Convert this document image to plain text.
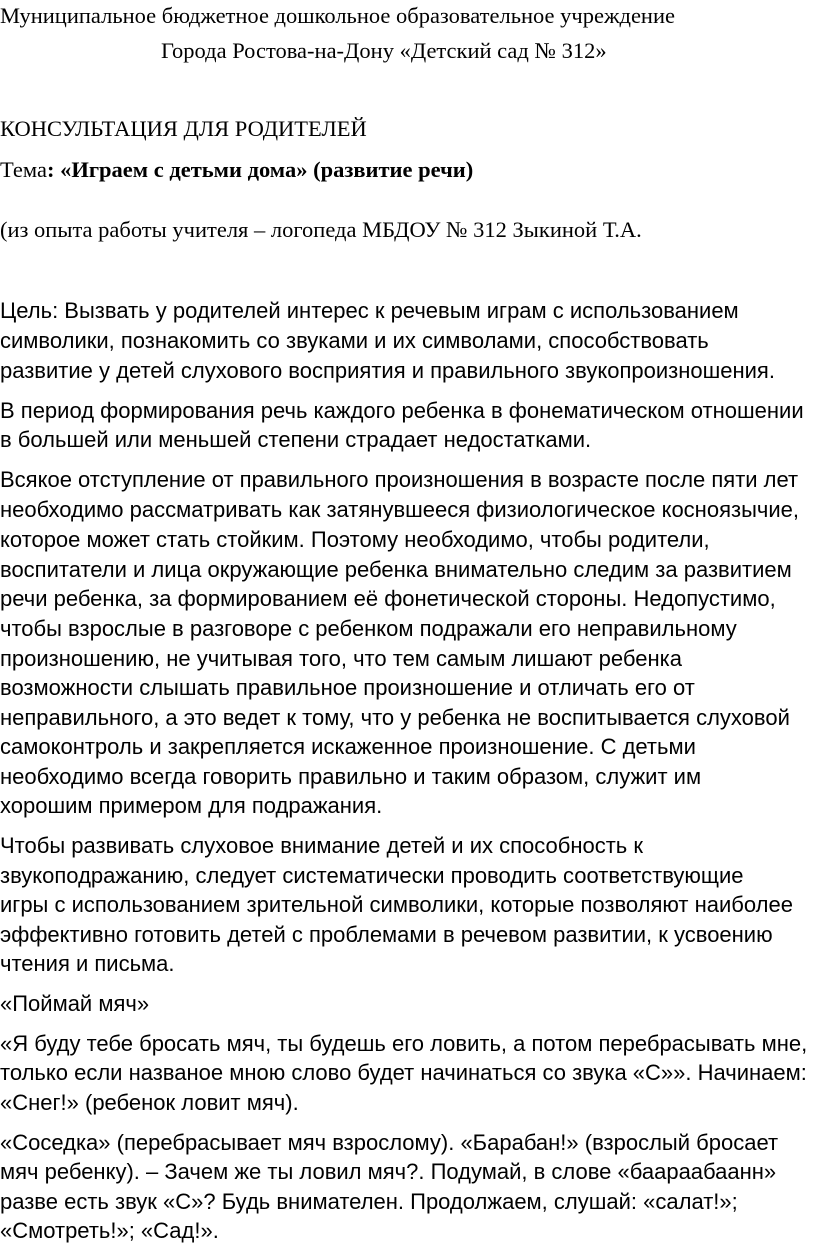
Муниципальное бюджетное дошкольное образовательное учреждение
Города Ростова-на-Дону «Детский сад № 312»
КОНСУЛЬТАЦИЯ ДЛЯ РОДИТЕЛЕЙ
Тема: «Играем с детьми дома» (развитие речи)
(из опыта работы учителя – логопеда МБДОУ № 312 Зыкиной Т.А.
Цель: Вызвать у родителей интерес к речевым играм с использованием
символики, познакомить со звуками и их символами, способствовать
развитие у детей слухового восприятия и правильного звукопроизношения.
В период формирования речь каждого ребенка в фонематическом отношении
в большей или меньшей степени страдает недостатками.
Всякое отступление от правильного произношения в возрасте после пяти лет
необходимо рассматривать как затянувшееся физиологическое косноязычие,
которое может стать стойким. Поэтому необходимо, чтобы родители,
воспитатели и лица окружающие ребенка внимательно следим за развитием
речи ребенка, за формированием её фонетической стороны. Недопустимо,
чтобы взрослые в разговоре с ребенком подражали его неправильному
произношению, не учитывая того, что тем самым лишают ребенка
возможности слышать правильное произношение и отличать его от
неправильного, а это ведет к тому, что у ребенка не воспитывается слуховой
самоконтроль и закрепляется искаженное произношение. С детьми
необходимо всегда говорить правильно и таким образом, служит им
хорошим примером для подражания.
Чтобы развивать слуховое внимание детей и их способность к
звукоподражанию, следует систематически проводить соответствующие
игры с использованием зрительной символики, которые позволяют наиболее
эффективно готовить детей с проблемами в речевом развитии, к усвоению
чтения и письма.
«Поймай мяч»
«Я буду тебе бросать мяч, ты будешь его ловить, а потом перебрасывать мне,
только если названое мною слово будет начинаться со звука «С»». Начинаем:
«Снег!» (ребенок ловит мяч).
«Соседка» (перебрасывает мяч взрослому). «Барабан!» (взрослый бросает
мяч ребенку). – Зачем же ты ловил мяч?. Подумай, в слове «баараабаанн»
разве есть звук «С»? Будь внимателен. Продолжаем, слушай: «салат!»;
«Смотреть!»; «Сад!».
